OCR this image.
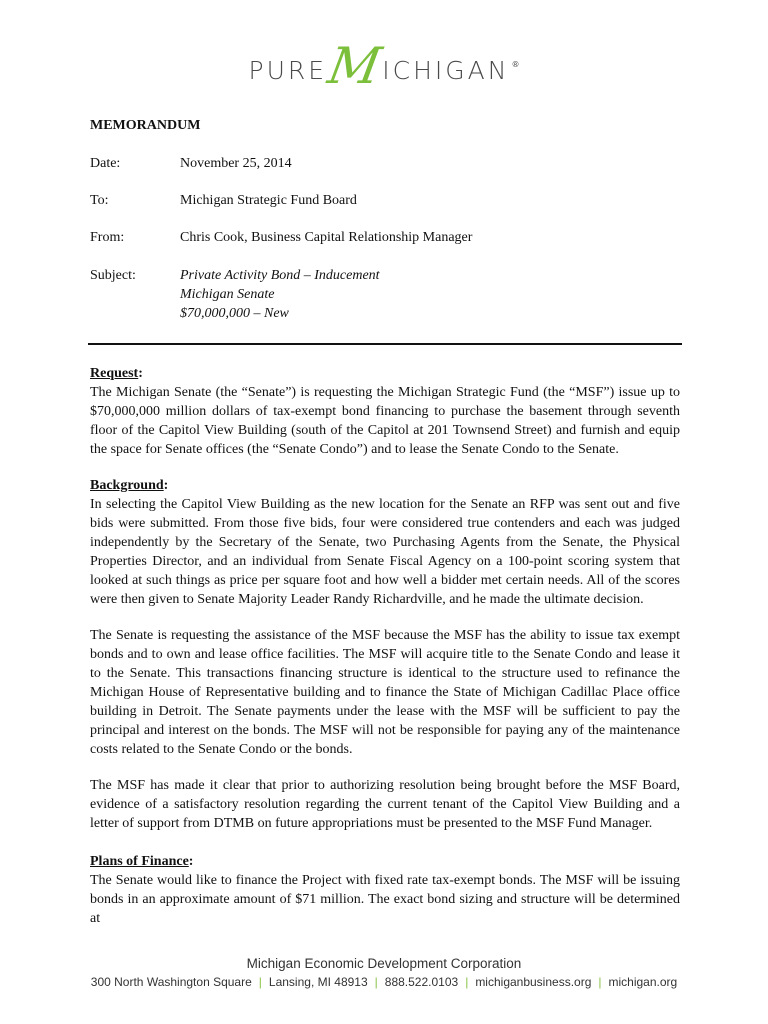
PURE
M
ICHIGAN ®
MEMORANDUM
Date:	November 25, 2014
To:	Michigan Strategic Fund Board
From:	Chris Cook, Business Capital Relationship Manager
Subject:	Private Activity Bond – Inducement
Michigan Senate
$70,000,000 – New
Request:

The Michigan Senate (the “Senate”) is requesting the Michigan Strategic Fund (the “MSF”) issue up to $70,000,000 million dollars of tax-exempt bond financing to purchase the basement through seventh floor of the Capitol View Building (south of the Capitol at 201 Townsend Street) and furnish and equip the space for Senate offices (the “Senate Condo”) and to lease the Senate Condo to the Senate.

Background:

In selecting the Capitol View Building as the new location for the Senate an RFP was sent out and five bids were submitted. From those five bids, four were considered true contenders and each was judged independently by the Secretary of the Senate, two Purchasing Agents from the Senate, the Physical Properties Director, and an individual from Senate Fiscal Agency on a 100-point scoring system that looked at such things as price per square foot and how well a bidder met certain needs. All of the scores were then given to Senate Majority Leader Randy Richardville, and he made the ultimate decision.

The Senate is requesting the assistance of the MSF because the MSF has the ability to issue tax exempt bonds and to own and lease office facilities. The MSF will acquire title to the Senate Condo and lease it to the Senate. This transactions financing structure is identical to the structure used to refinance the Michigan House of Representative building and to finance the State of Michigan Cadillac Place office building in Detroit. The Senate payments under the lease with the MSF will be sufficient to pay the principal and interest on the bonds. The MSF will not be responsible for paying any of the maintenance costs related to the Senate Condo or the bonds.

The MSF has made it clear that prior to authorizing resolution being brought before the MSF Board, evidence of a satisfactory resolution regarding the current tenant of the Capitol View Building and a letter of support from DTMB on future appropriations must be presented to the MSF Fund Manager.

Plans of Finance:

The Senate would like to finance the Project with fixed rate tax-exempt bonds. The MSF will be issuing bonds in an approximate amount of $71 million. The exact bond sizing and structure will be determined at

Michigan Economic Development Corporation
300 North Washington Square | Lansing, MI 48913 | 888.522.0103 | michiganbusiness.org | michigan.org
